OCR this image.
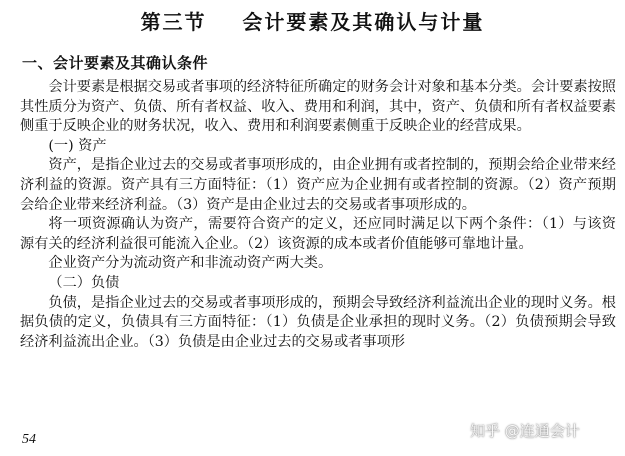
第三节    会计要素及其确认与计量
一、会计要素及其确认条件

会计要素是根据交易或者事项的经济特征所确定的财务会计对象和基本分类。会计要素按照其性质分为资产、负债、所有者权益、收入、费用和利润，其中，资产、负债和所有者权益要素侧重于反映企业的财务状况，收入、费用和利润要素侧重于反映企业的经营成果。

(一) 资产

资产，是指企业过去的交易或者事项形成的，由企业拥有或者控制的，预期会给企业带来经济利益的资源。资产具有三方面特征：（1）资产应为企业拥有或者控制的资源。（2）资产预期会给企业带来经济利益。（3）资产是由企业过去的交易或者事项形成的。

将一项资源确认为资产，需要符合资产的定义，还应同时满足以下两个条件：（1）与该资源有关的经济利益很可能流入企业。（2）该资源的成本或者价值能够可靠地计量。

企业资产分为流动资产和非流动资产两大类。

（二）负债

负债，是指企业过去的交易或者事项形成的，预期会导致经济利益流出企业的现时义务。根据负债的定义，负债具有三方面特征：（1）负债是企业承担的现时义务。（2）负债预期会导致经济利益流出企业。（3）负债是由企业过去的交易或者事项形

54	知乎 @连通会计
